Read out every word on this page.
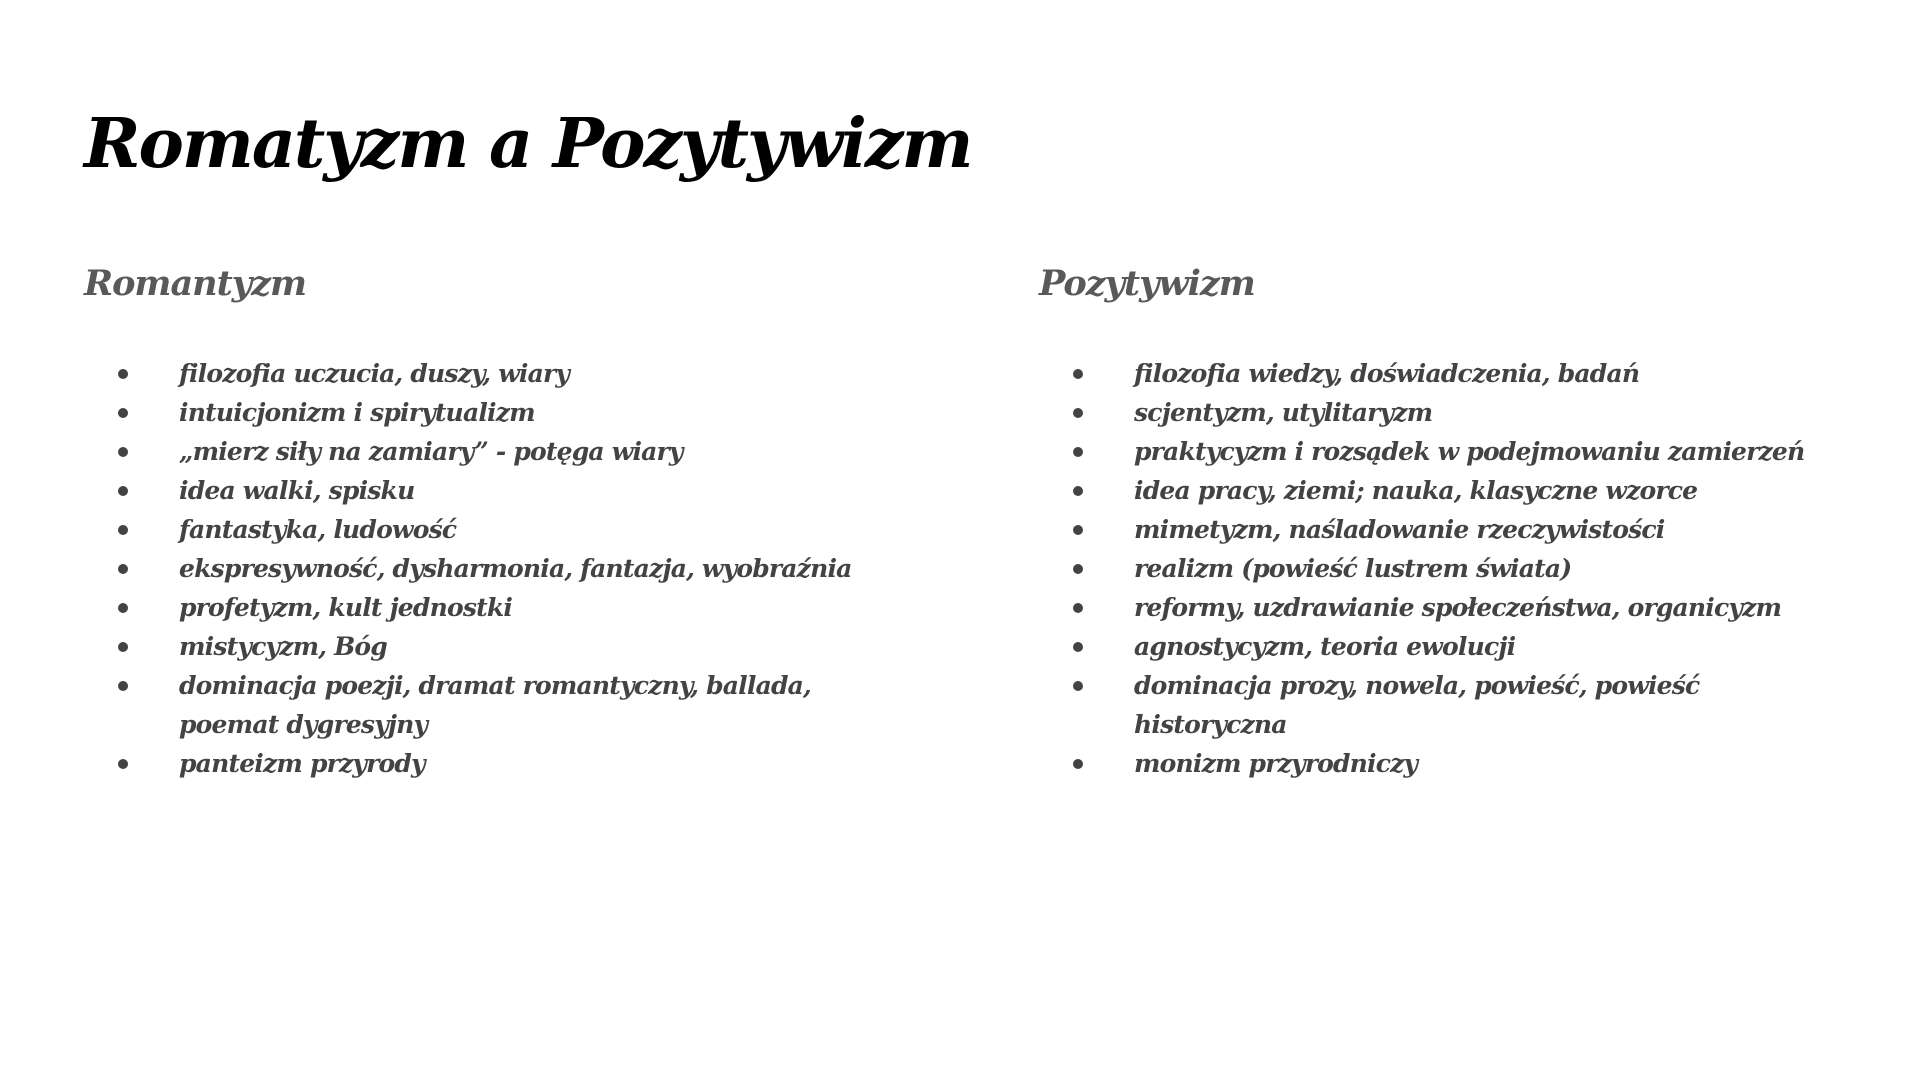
Romatyzm a Pozytywizm
Romantyzm
filozofia uczucia, duszy, wiary
intuicjonizm i spirytualizm
„mierz siły na zamiary” - potęga wiary
idea walki, spisku
fantastyka, ludowość
ekspresywność, dysharmonia, fantazja, wyobraźnia
profetyzm, kult jednostki
mistycyzm, Bóg
dominacja poezji, dramat romantyczny, ballada, poemat dygresyjny
panteizm przyrody
Pozytywizm
filozofia wiedzy, doświadczenia, badań
scjentyzm, utylitaryzm
praktycyzm i rozsądek w podejmowaniu zamierzeń
idea pracy, ziemi; nauka, klasyczne wzorce
mimetyzm, naśladowanie rzeczywistości
realizm (powieść lustrem świata)
reformy, uzdrawianie społeczeństwa, organicyzm
agnostycyzm, teoria ewolucji
dominacja prozy, nowela, powieść, powieść historyczna
monizm przyrodniczy
